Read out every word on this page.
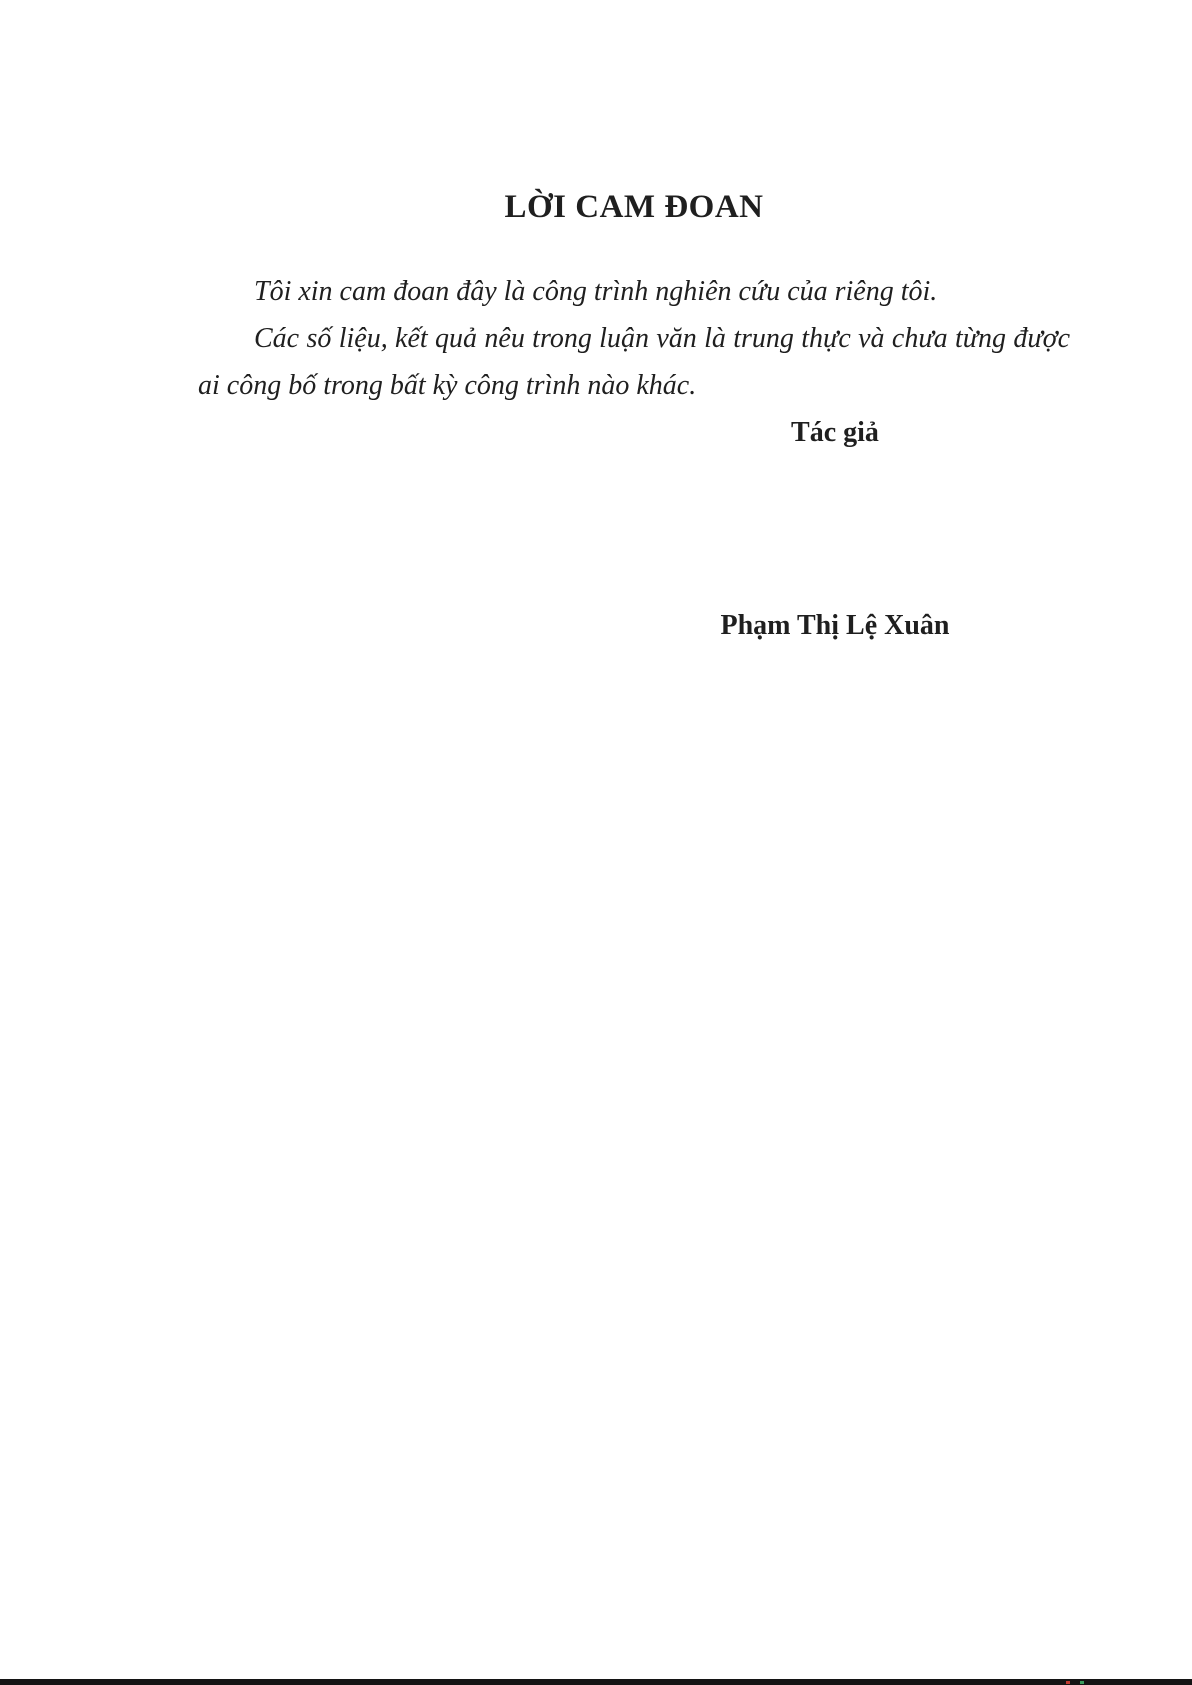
LỜI CAM ĐOAN

Tôi xin cam đoan đây là công trình nghiên cứu của riêng tôi.

Các số liệu, kết quả nêu trong luận văn là trung thực và chưa từng được ai công bố trong bất kỳ công trình nào khác.

Tác giả
Phạm Thị Lệ Xuân
